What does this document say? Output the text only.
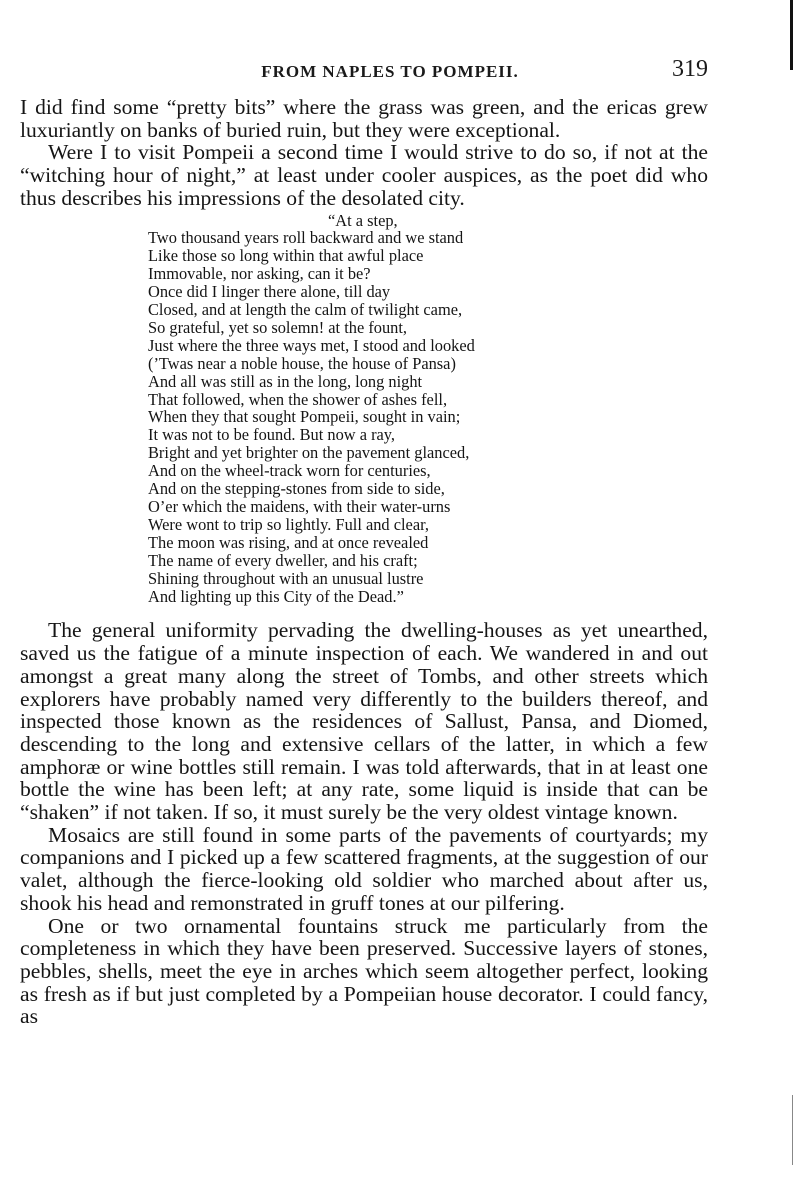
FROM NAPLES TO POMPEII.	319

I did find some “pretty bits” where the grass was green, and the ericas grew luxuriantly on banks of buried ruin, but they were exceptional.

Were I to visit Pompeii a second time I would strive to do so, if not at the “witching hour of night,” at least under cooler auspices, as the poet did who thus describes his impressions of the desolated city.

“At a step,
Two thousand years roll backward and we stand
Like those so long within that awful place
Immovable, nor asking, can it be?
Once did I linger there alone, till day
Closed, and at length the calm of twilight came,
So grateful, yet so solemn! at the fount,
Just where the three ways met, I stood and looked
(’Twas near a noble house, the house of Pansa)
And all was still as in the long, long night
That followed, when the shower of ashes fell,
When they that sought Pompeii, sought in vain;
It was not to be found. But now a ray,
Bright and yet brighter on the pavement glanced,
And on the wheel-track worn for centuries,
And on the stepping-stones from side to side,
O’er which the maidens, with their water-urns
Were wont to trip so lightly. Full and clear,
The moon was rising, and at once revealed
The name of every dweller, and his craft;
Shining throughout with an unusual lustre
And lighting up this City of the Dead.”

The general uniformity pervading the dwelling-houses as yet unearthed, saved us the fatigue of a minute inspection of each. We wandered in and out amongst a great many along the street of Tombs, and other streets which explorers have probably named very differently to the builders thereof, and inspected those known as the residences of Sallust, Pansa, and Diomed, descending to the long and extensive cellars of the latter, in which a few amphoræ or wine bottles still remain. I was told afterwards, that in at least one bottle the wine has been left; at any rate, some liquid is inside that can be “shaken” if not taken. If so, it must surely be the very oldest vintage known.

Mosaics are still found in some parts of the pavements of courtyards; my companions and I picked up a few scattered fragments, at the suggestion of our valet, although the fierce-looking old soldier who marched about after us, shook his head and remonstrated in gruff tones at our pilfering.

One or two ornamental fountains struck me particularly from the completeness in which they have been preserved. Successive layers of stones, pebbles, shells, meet the eye in arches which seem altogether perfect, looking as fresh as if but just completed by a Pompeiian house decorator. I could fancy, as
